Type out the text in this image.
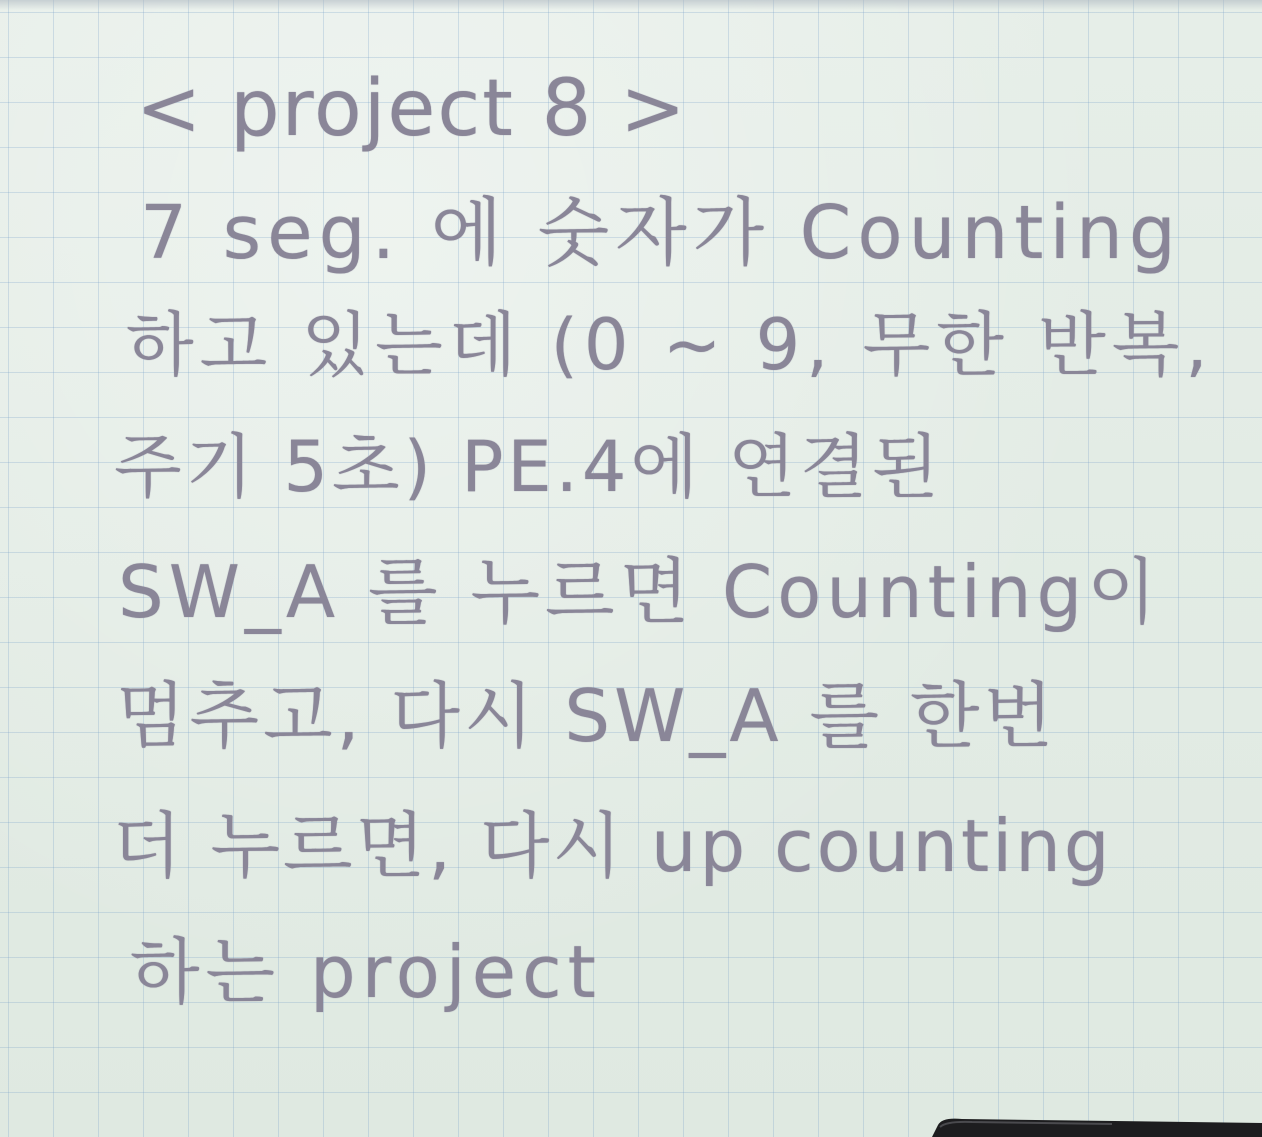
< project 8 >

7 seg. 에 숫자가 Counting

하고 있는데 (0 ~ 9, 무한 반복,

주기 5초) PE.4에 연결된

SW_A 를 누르면 Counting이

멈추고, 다시 SW_A 를 한번

더 누르면, 다시 up counting

하는 project
